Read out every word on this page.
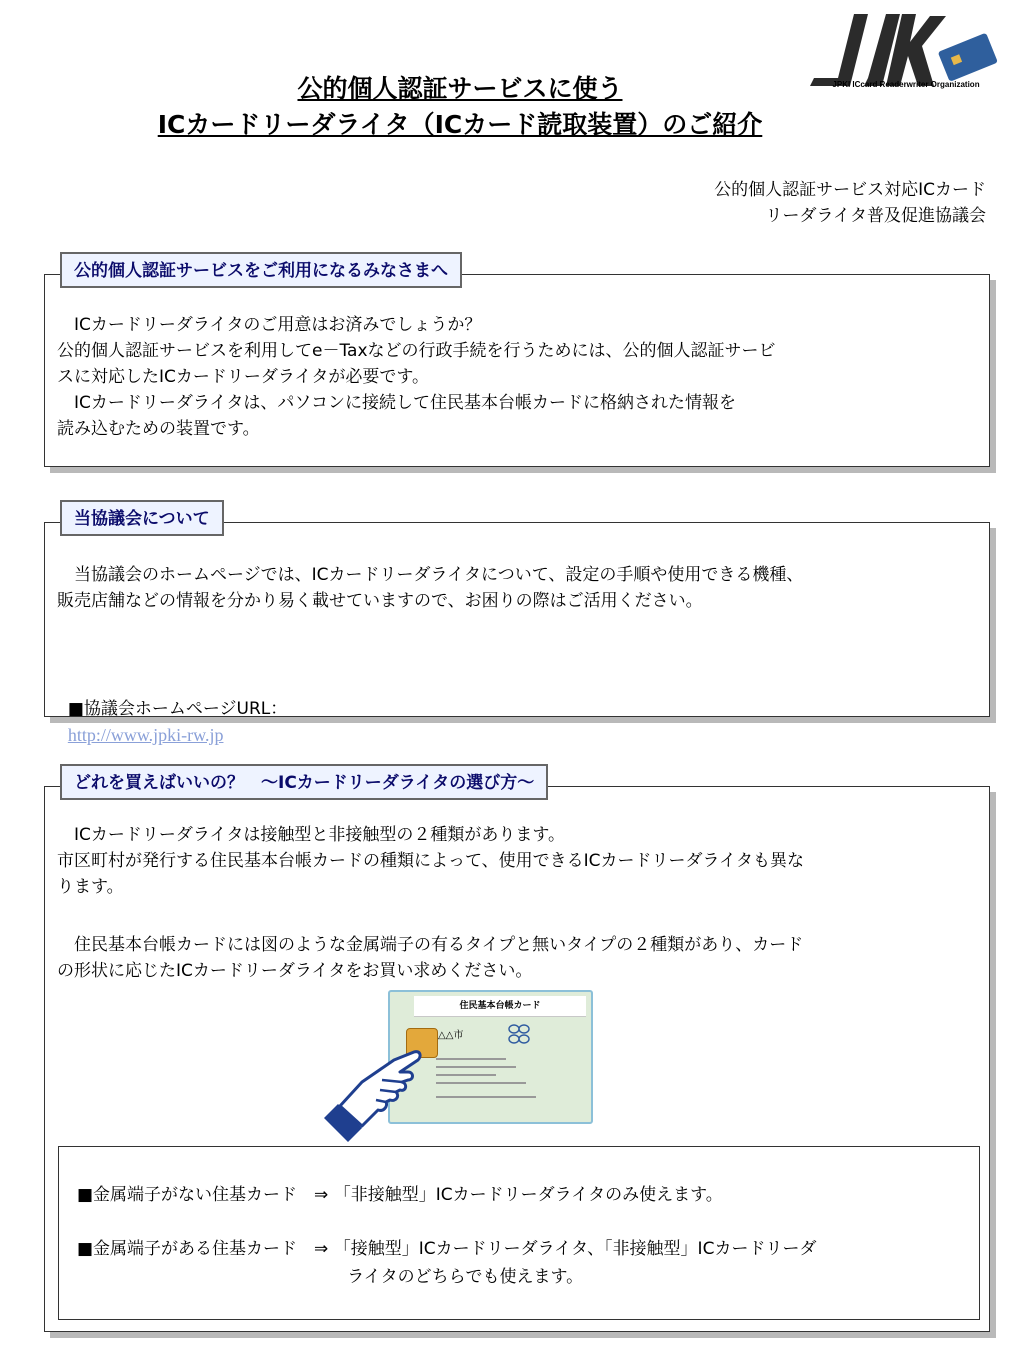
公的個人認証サービスに使う
ICカードリーダライタ（ICカード読取装置）のご紹介
JPKI ICcard Readerwriter Organization
公的個人認証サービス対応ICカード
リーダライタ普及促進協議会
公的個人認証サービスをご利用になるみなさまへ
　ICカードリーダライタのご用意はお済みでしょうか？
公的個人認証サービスを利用してe－Taxなどの行政手続を行うためには、公的個人認証サービ
スに対応したICカードリーダライタが必要です。
　ICカードリーダライタは、パソコンに接続して住民基本台帳カードに格納された情報を
読み込むための装置です。
当協議会について
　当協議会のホームページでは、ICカードリーダライタについて、設定の手順や使用できる機種、
販売店舗などの情報を分かり易く載せていますので、お困りの際はご活用ください。

■協議会ホームページURL：
http://www.jpki-rw.jp

どれを買えばいいの？　～ICカードリーダライタの選び方～
　ICカードリーダライタは接触型と非接触型の２種類があります。
市区町村が発行する住民基本台帳カードの種類によって、使用できるICカードリーダライタも異な
ります。
　住民基本台帳カードには図のような金属端子の有るタイプと無いタイプの２種類があり、カード
の形状に応じたICカードリーダライタをお買い求めください。
住民基本台帳カード
△△市
■金属端子がない住基カード　⇒ 「非接触型」ICカードリーダライタのみ使えます。
■金属端子がある住基カード　⇒ 「接触型」ICカードリーダライタ、「非接触型」ICカードリーダ
ライタのどちらでも使えます。
